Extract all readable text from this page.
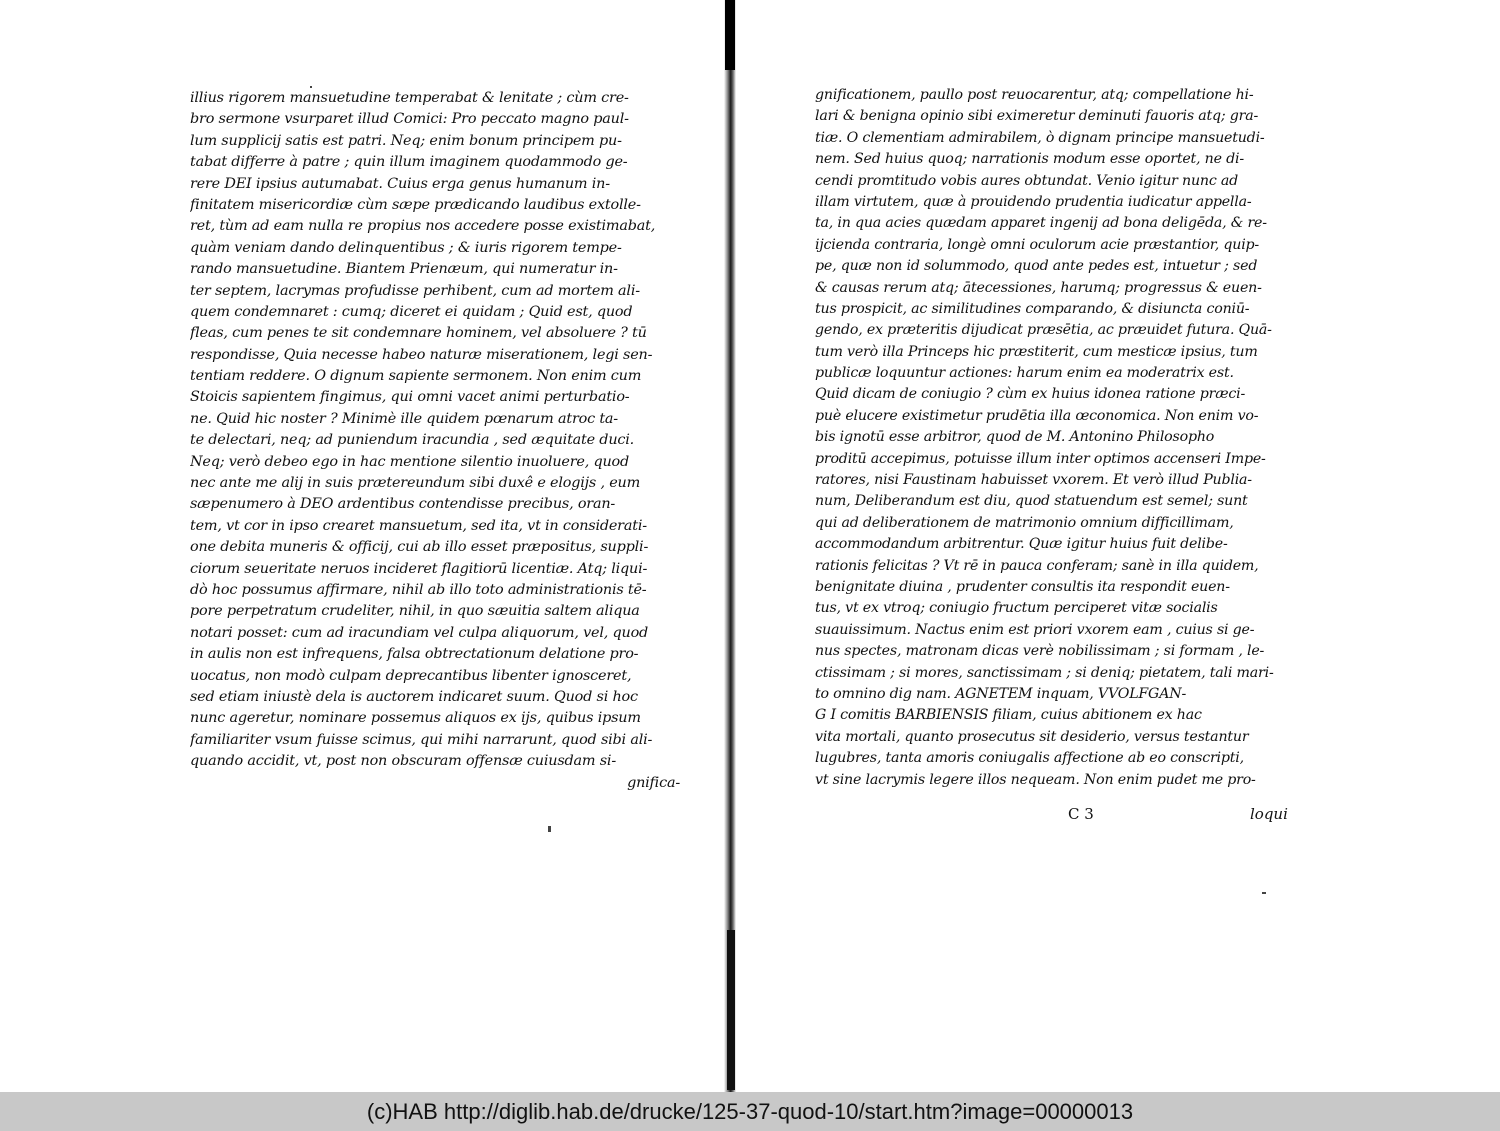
illius rigorem mansuetudine temperabat & lenitate ; cùm cre-
bro sermone vsurparet illud Comici: Pro peccato magno paul-
lum supplicij satis est patri. Neq; enim bonum principem pu-
tabat differre à patre ; quin illum imaginem quodammodo ge-
rere DEI ipsius autumabat. Cuius erga genus humanum in-
finitatem misericordiæ cùm sæpe prædicando laudibus extolle-
ret, tùm ad eam nulla re propius nos accedere posse existimabat,
quàm veniam dando delinquentibus ; & iuris rigorem tempe-
rando mansuetudine. Biantem Prienæum, qui numeratur in-
ter septem, lacrymas profudisse perhibent, cum ad mortem ali-
quem condemnaret : cumq; diceret ei quidam ; Quid est, quod
fleas, cum penes te sit condemnare hominem, vel absoluere ? tū
respondisse, Quia necesse habeo naturæ miserationem, legi sen-
tentiam reddere. O dignum sapiente sermonem. Non enim cum
Stoicis sapientem fingimus, qui omni vacet animi perturbatio-
ne. Quid hic noster ? Minimè ille quidem pœnarum atroc ta-
te delectari, neq; ad puniendum iracundia , sed æquitate duci.
Neq; verò debeo ego in hac mentione silentio inuoluere, quod
nec ante me alij in suis prætereundum sibi duxê e elogijs , eum
sæpenumero à DEO ardentibus contendisse precibus, oran-
tem, vt cor in ipso crearet mansuetum, sed ita, vt in considerati-
one debita muneris & officij, cui ab illo esset præpositus, suppli-
ciorum seueritate neruos incideret flagitiorū licentiæ. Atq; liqui-
dò hoc possumus affirmare, nihil ab illo toto administrationis tē-
pore perpetratum crudeliter, nihil, in quo sæuitia saltem aliqua
notari posset: cum ad iracundiam vel culpa aliquorum, vel, quod
in aulis non est infrequens, falsa obtrectationum delatione pro-
uocatus, non modò culpam deprecantibus libenter ignosceret,
sed etiam iniustè dela is auctorem indicaret suum. Quod si hoc
nunc ageretur, nominare possemus aliquos ex ijs, quibus ipsum
familiariter vsum fuisse scimus, qui mihi narrarunt, quod sibi ali-
quando accidit, vt, post non obscuram offensæ cuiusdam si-
gnifica-
gnificationem, paullo post reuocarentur, atq; compellatione hi-
lari & benigna opinio sibi eximeretur deminuti fauoris atq; gra-
tiæ. O clementiam admirabilem, ò dignam principe mansuetudi-
nem. Sed huius quoq; narrationis modum esse oportet, ne di-
cendi promtitudo vobis aures obtundat. Venio igitur nunc ad
illam virtutem, quæ à prouidendo prudentia iudicatur appella-
ta, in qua acies quædam apparet ingenij ad bona deligēda, & re-
ijcienda contraria, longè omni oculorum acie præstantior, quip-
pe, quæ non id solummodo, quod ante pedes est, intuetur ; sed
& causas rerum atq; ātecessiones, harumq; progressus & euen-
tus prospicit, ac similitudines comparando, & disiuncta coniū-
gendo, ex præteritis dijudicat præsētia, ac præuidet futura. Quā-
tum verò illa Princeps hic præstiterit, cum mesticæ ipsius, tum
publicæ loquuntur actiones: harum enim ea moderatrix est.
Quid dicam de coniugio ? cùm ex huius idonea ratione præci-
puè elucere existimetur prudētia illa œconomica. Non enim vo-
bis ignotū esse arbitror, quod de M. Antonino Philosopho
proditū accepimus, potuisse illum inter optimos accenseri Impe-
ratores, nisi Faustinam habuisset vxorem. Et verò illud Publia-
num, Deliberandum est diu, quod statuendum est semel; sunt
qui ad deliberationem de matrimonio omnium difficillimam,
accommodandum arbitrentur. Quæ igitur huius fuit delibe-
rationis felicitas ? Vt rē in pauca conferam; sanè in illa quidem,
benignitate diuina , prudenter consultis ita respondit euen-
tus, vt ex vtroq; coniugio fructum perciperet vitæ socialis
suauissimum. Nactus enim est priori vxorem eam , cuius si ge-
nus spectes, matronam dicas verè nobilissimam ; si formam , le-
ctissimam ; si mores, sanctissimam ; si deniq; pietatem, tali mari-
to omnino dig nam. AGNETEM inquam, VVOLFGAN-
G I comitis BARBIENSIS filiam, cuius abitionem ex hac
vita mortali, quanto prosecutus sit desiderio, versus testantur
lugubres, tanta amoris coniugalis affectione ab eo conscripti,
vt sine lacrymis legere illos nequeam. Non enim pudet me pro-
C 3	loqui
(c)HAB http://diglib.hab.de/drucke/125-37-quod-10/start.htm?image=00000013
